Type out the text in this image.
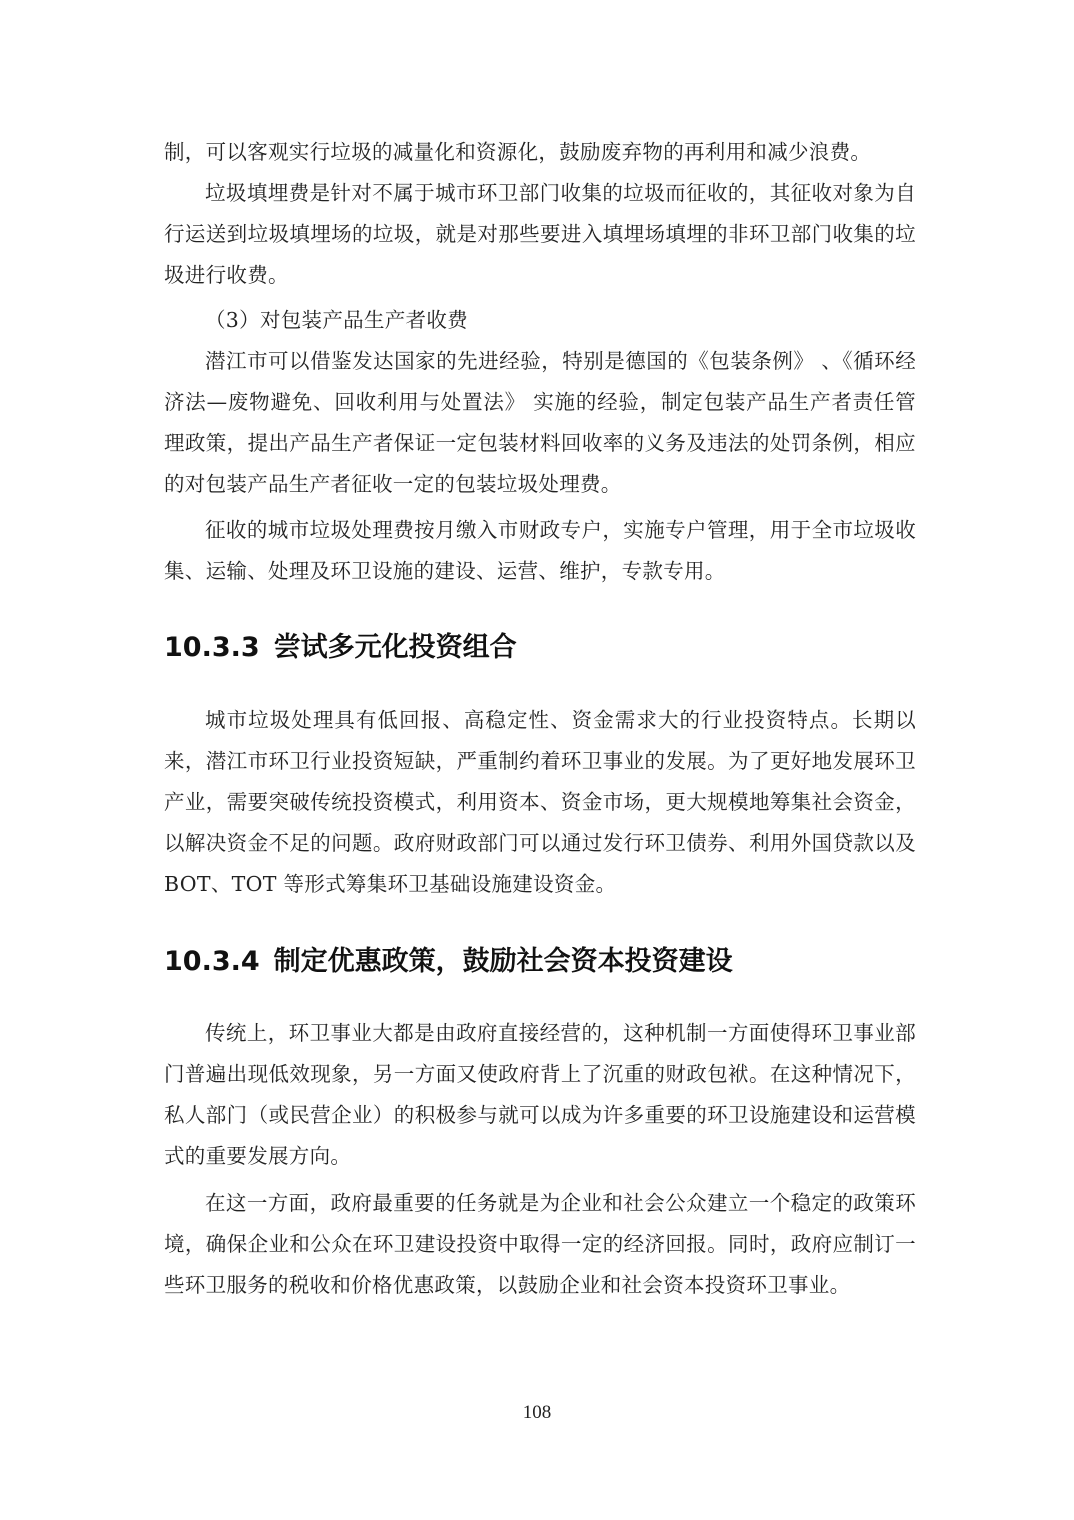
制，可以客观实行垃圾的减量化和资源化，鼓励废弃物的再利用和减少浪费。

垃圾填埋费是针对不属于城市环卫部门收集的垃圾而征收的，其征收对象为自行运送到垃圾填埋场的垃圾，就是对那些要进入填埋场填埋的非环卫部门收集的垃圾进行收费。

（3）对包装产品生产者收费

潜江市可以借鉴发达国家的先进经验，特别是德国的《包装条例》 、《循环经济法—废物避免、回收利用与处置法》 实施的经验，制定包装产品生产者责任管理政策，提出产品生产者保证一定包装材料回收率的义务及违法的处罚条例，相应的对包装产品生产者征收一定的包装垃圾处理费。

征收的城市垃圾处理费按月缴入市财政专户，实施专户管理，用于全市垃圾收集、运输、处理及环卫设施的建设、运营、维护，专款专用。

10.3.3 尝试多元化投资组合

城市垃圾处理具有低回报、高稳定性、资金需求大的行业投资特点。长期以来，潜江市环卫行业投资短缺，严重制约着环卫事业的发展。为了更好地发展环卫产业，需要突破传统投资模式，利用资本、资金市场，更大规模地筹集社会资金，以解决资金不足的问题。政府财政部门可以通过发行环卫债券、利用外国贷款以及 BOT、TOT 等形式筹集环卫基础设施建设资金。

10.3.4 制定优惠政策，鼓励社会资本投资建设

传统上，环卫事业大都是由政府直接经营的，这种机制一方面使得环卫事业部门普遍出现低效现象，另一方面又使政府背上了沉重的财政包袱。在这种情况下，私人部门（或民营企业）的积极参与就可以成为许多重要的环卫设施建设和运营模式的重要发展方向。

在这一方面，政府最重要的任务就是为企业和社会公众建立一个稳定的政策环境，确保企业和公众在环卫建设投资中取得一定的经济回报。同时，政府应制订一些环卫服务的税收和价格优惠政策，以鼓励企业和社会资本投资环卫事业。

108
